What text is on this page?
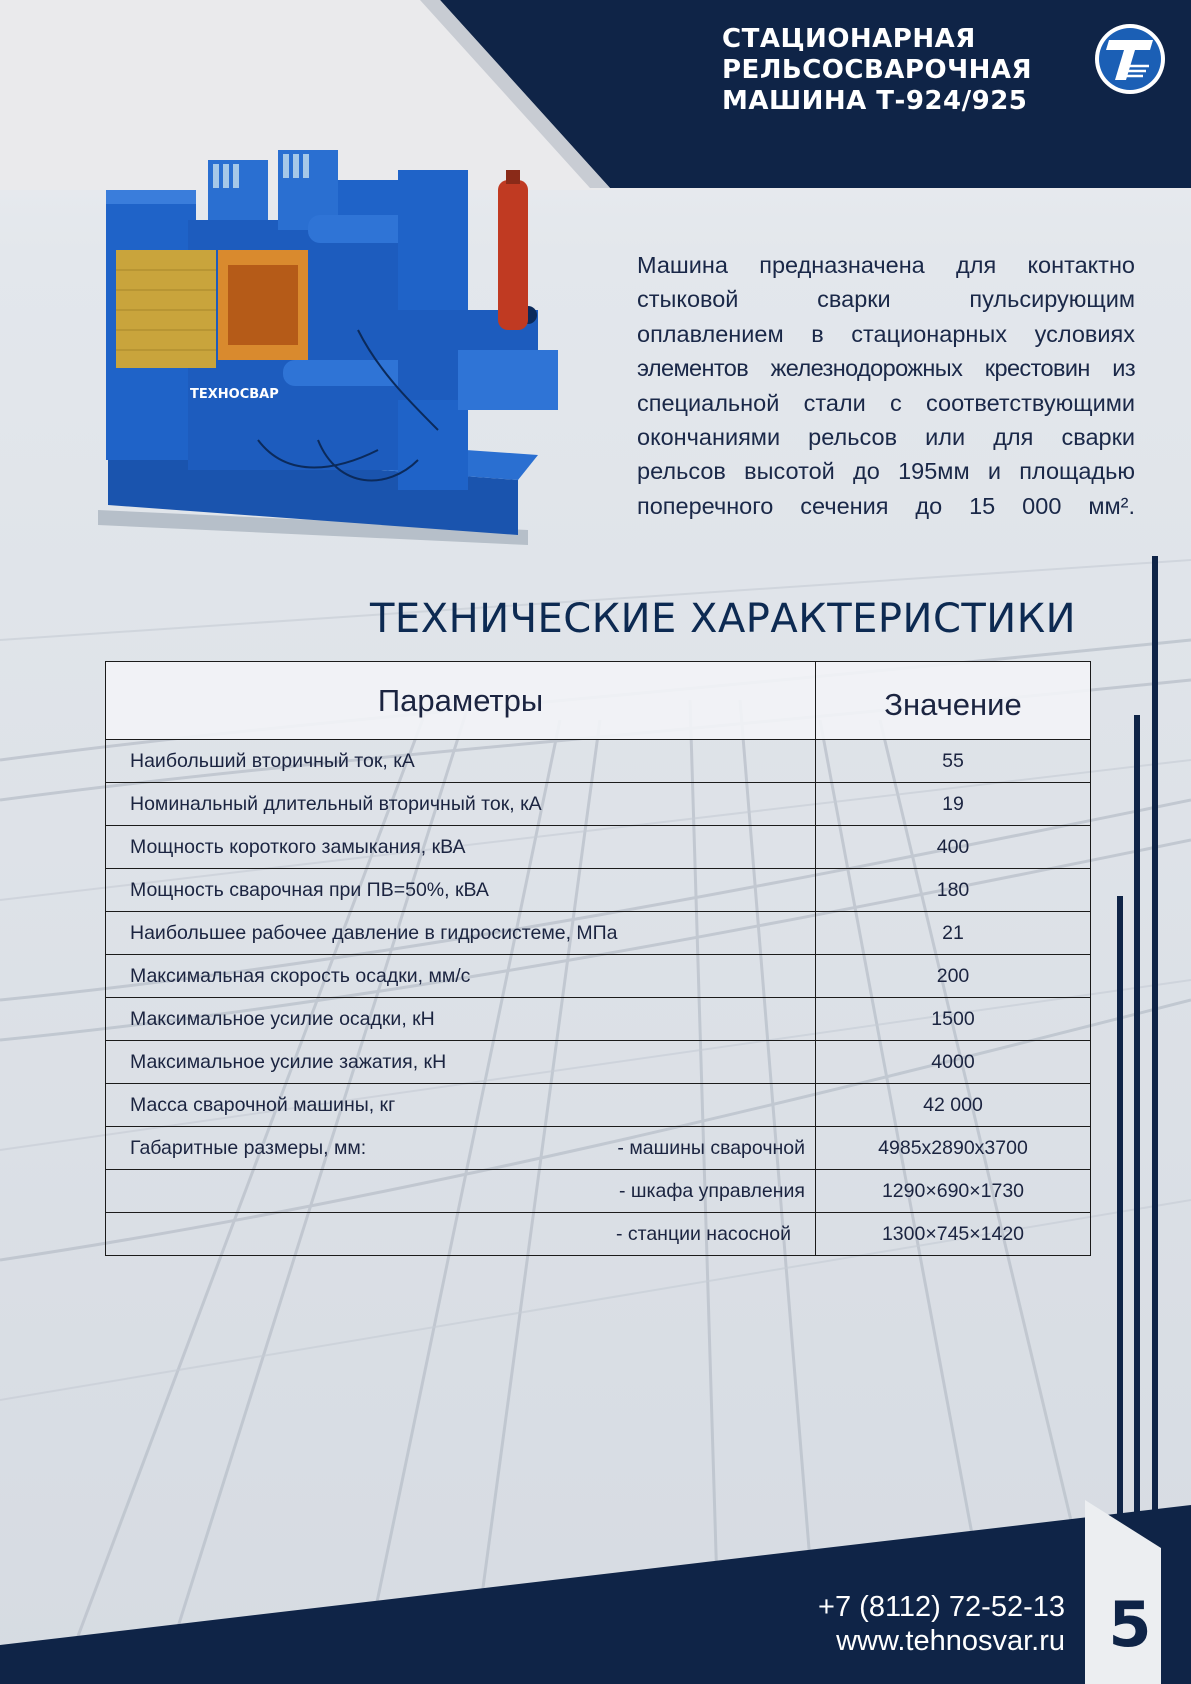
СТАЦИОНАРНАЯ
РЕЛЬСОСВАРОЧНАЯ
МАШИНА Т-924/925
ТЕХНОСВАР
Машина предназначена для контактно
стыковой сварки пульсирующим
оплавлением в стационарных условиях
элементов железнодорожных крестовин из
специальной стали с соответствующими
окончаниями рельсов или для сварки
рельсов высотой до 195мм и площадью
поперечного сечения до 15 000 мм².
ТЕХНИЧЕСКИЕ ХАРАКТЕРИСТИКИ
Параметры	Значение
Наибольший вторичный ток, кА	55
Номинальный длительный вторичный ток, кА	19
Мощность короткого замыкания, кВА	400
Мощность сварочная при ПВ=50%, кВА	180
Наибольшее рабочее давление в гидросистеме, МПа	21
Максимальная скорость осадки, мм/с	200
Максимальное усилие осадки, кН	1500
Максимальное усилие зажатия, кН	4000
Масса сварочной машины, кг	42 000
Габаритные размеры, мм: - машины сварочной	4985х2890х3700

- шкафа управления	1290×690×1730

- станции насосной	1300×745×1420
+7 (8112) 72-52-13
www.tehnosvar.ru 5
